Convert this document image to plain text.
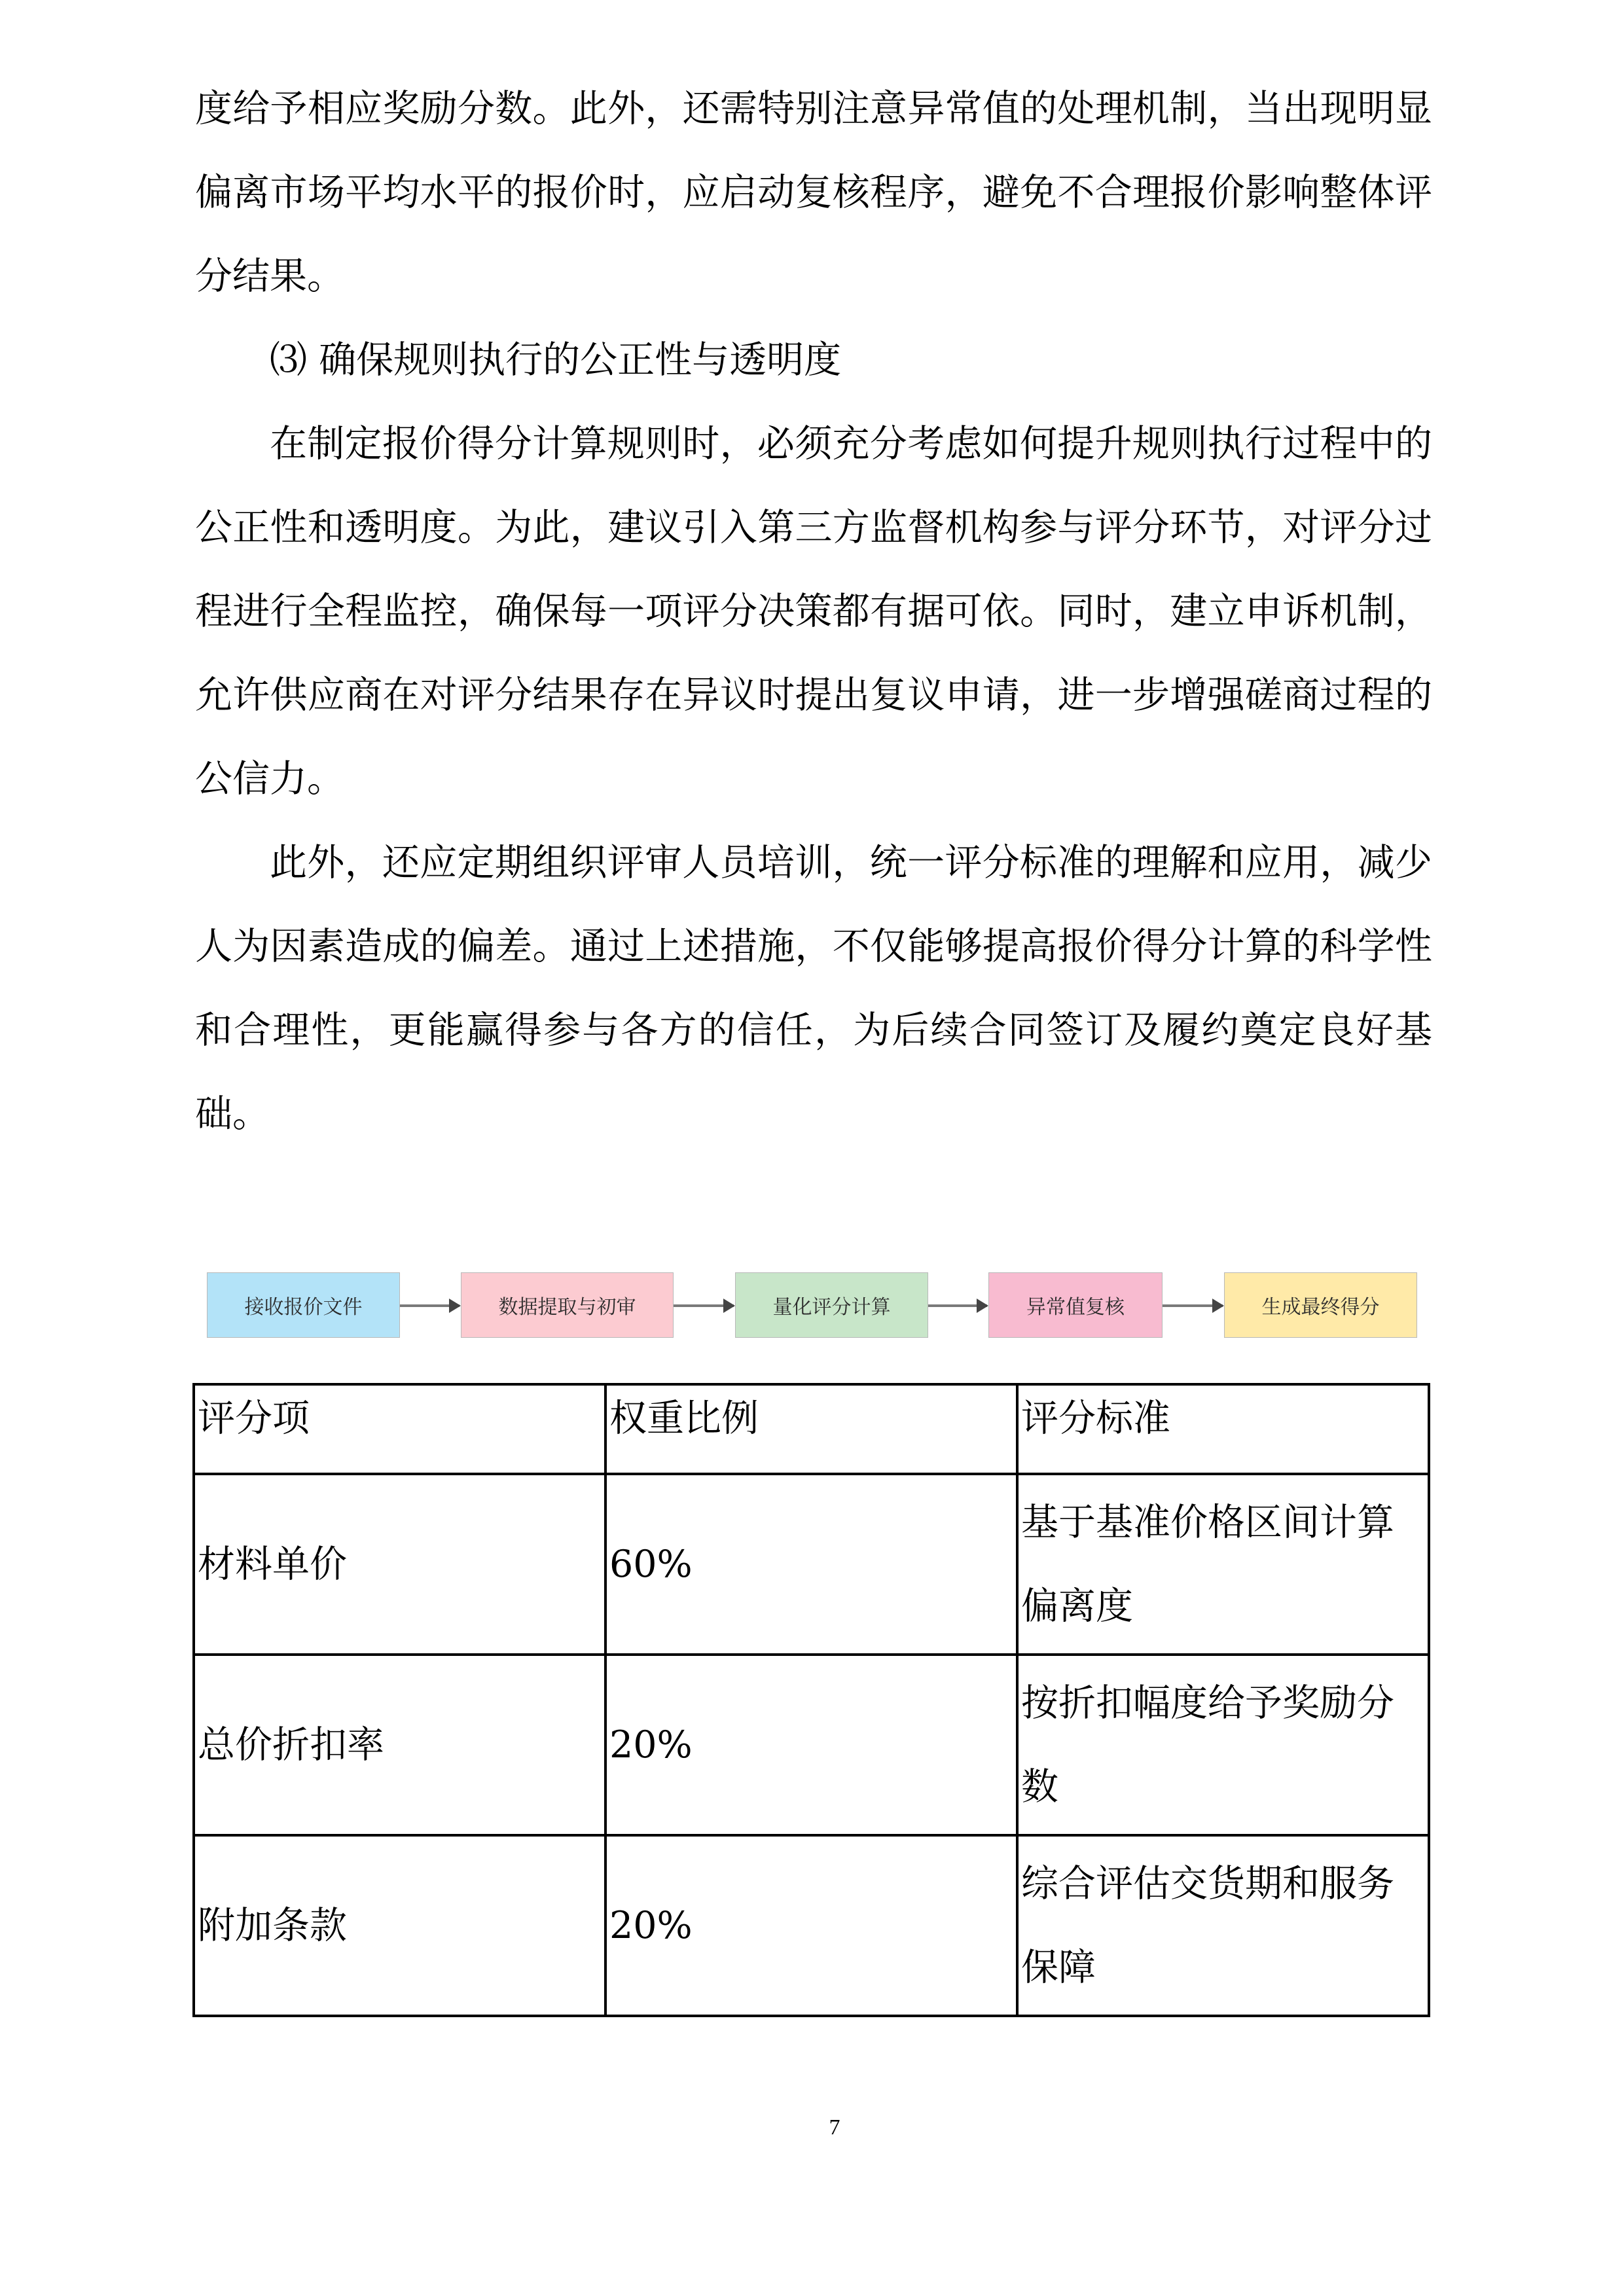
度给予相应奖励分数。此外，还需特别注意异常值的处理机制，当出现明显偏离市场平均水平的报价时，应启动复核程序，避免不合理报价影响整体评分结果。

⑶ 确保规则执行的公正性与透明度

在制定报价得分计算规则时，必须充分考虑如何提升规则执行过程中的公正性和透明度。为此，建议引入第三方监督机构参与评分环节，对评分过程进行全程监控，确保每一项评分决策都有据可依。同时，建立申诉机制，允许供应商在对评分结果存在异议时提出复议申请，进一步增强磋商过程的公信力。

此外，还应定期组织评审人员培训，统一评分标准的理解和应用，减少人为因素造成的偏差。通过上述措施，不仅能够提高报价得分计算的科学性和合理性，更能赢得参与各方的信任，为后续合同签订及履约奠定良好基础。

接收报价文件	数据提取与初审	量化评分计算	异常值复核	生成最终得分
评分项	权重比例	评分标准
材料单价	60%	基于基准价格区间计算偏离度
总价折扣率	20%	按折扣幅度给予奖励分数
附加条款	20%	综合评估交货期和服务保障
7
